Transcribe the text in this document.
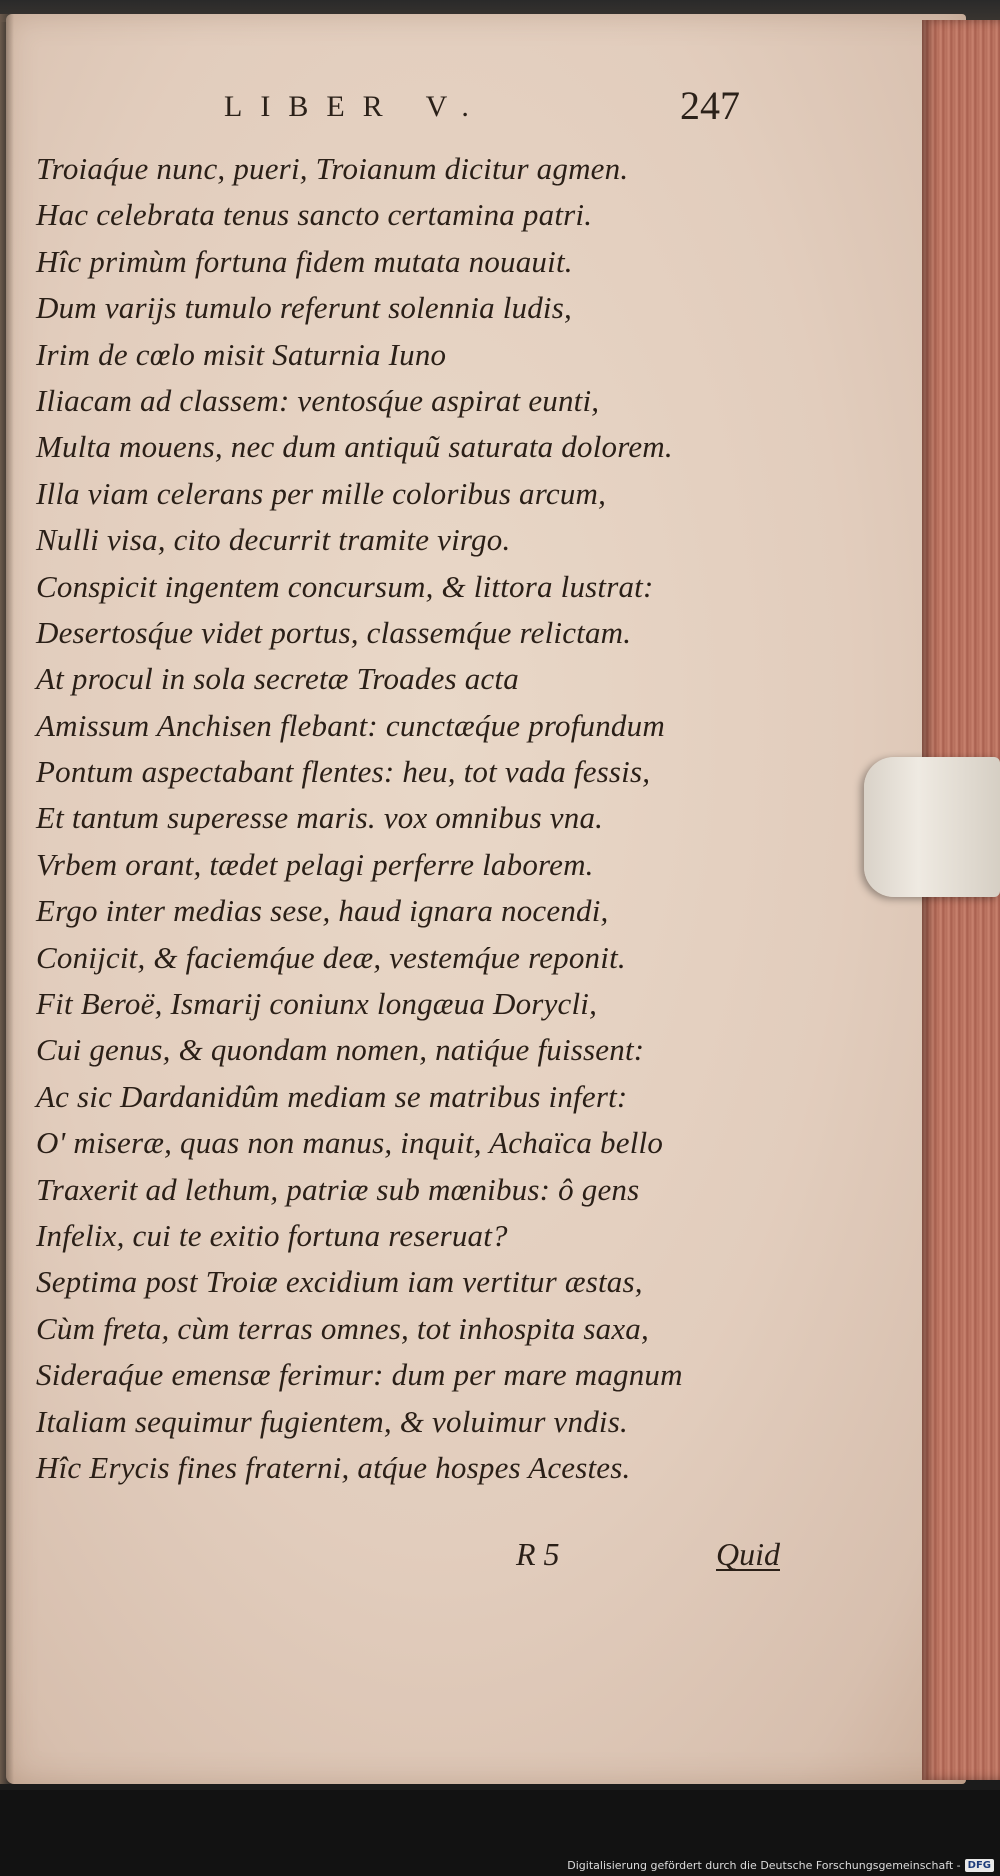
LIBER V.	247
Troiaq́ue nunc, pueri, Troianum dicitur agmen.
Hac celebrata tenus sancto certamina patri.
Hîc primùm fortuna fidem mutata nouauit.
Dum varijs tumulo referunt solennia ludis,
Irim de cœlo misit Saturnia Iuno
Iliacam ad classem: ventosq́ue aspirat eunti,
Multa mouens, nec dum antiquũ saturata dolorem.
Illa viam celerans per mille coloribus arcum,
Nulli visa, cito decurrit tramite virgo.
Conspicit ingentem concursum, & littora lustrat:
Desertosq́ue videt portus, classemq́ue relictam.
At procul in sola secretæ Troades acta
Amissum Anchisen flebant: cunctæq́ue profundum
Pontum aspectabant flentes: heu, tot vada fessis,
Et tantum superesse maris. vox omnibus vna.
Vrbem orant, tædet pelagi perferre laborem.
Ergo inter medias sese, haud ignara nocendi,
Conijcit, & faciemq́ue deæ, vestemq́ue reponit.
Fit Beroë, Ismarij coniunx longæua Dorycli,
Cui genus, & quondam nomen, natiq́ue fuissent:
Ac sic Dardanidûm mediam se matribus infert:
O' miseræ, quas non manus, inquit, Achaïca bello
Traxerit ad lethum, patriæ sub mœnibus: ô gens
Infelix, cui te exitio fortuna reseruat?
Septima post Troiæ excidium iam vertitur æstas,
Cùm freta, cùm terras omnes, tot inhospita saxa,
Sideraq́ue emensæ ferimur: dum per mare magnum
Italiam sequimur fugientem, & voluimur vndis.
Hîc Erycis fines fraterni, atq́ue hospes Acestes.
R 5	Quid
Digitalisierung gefördert durch die Deutsche Forschungsgemeinschaft - DFG
